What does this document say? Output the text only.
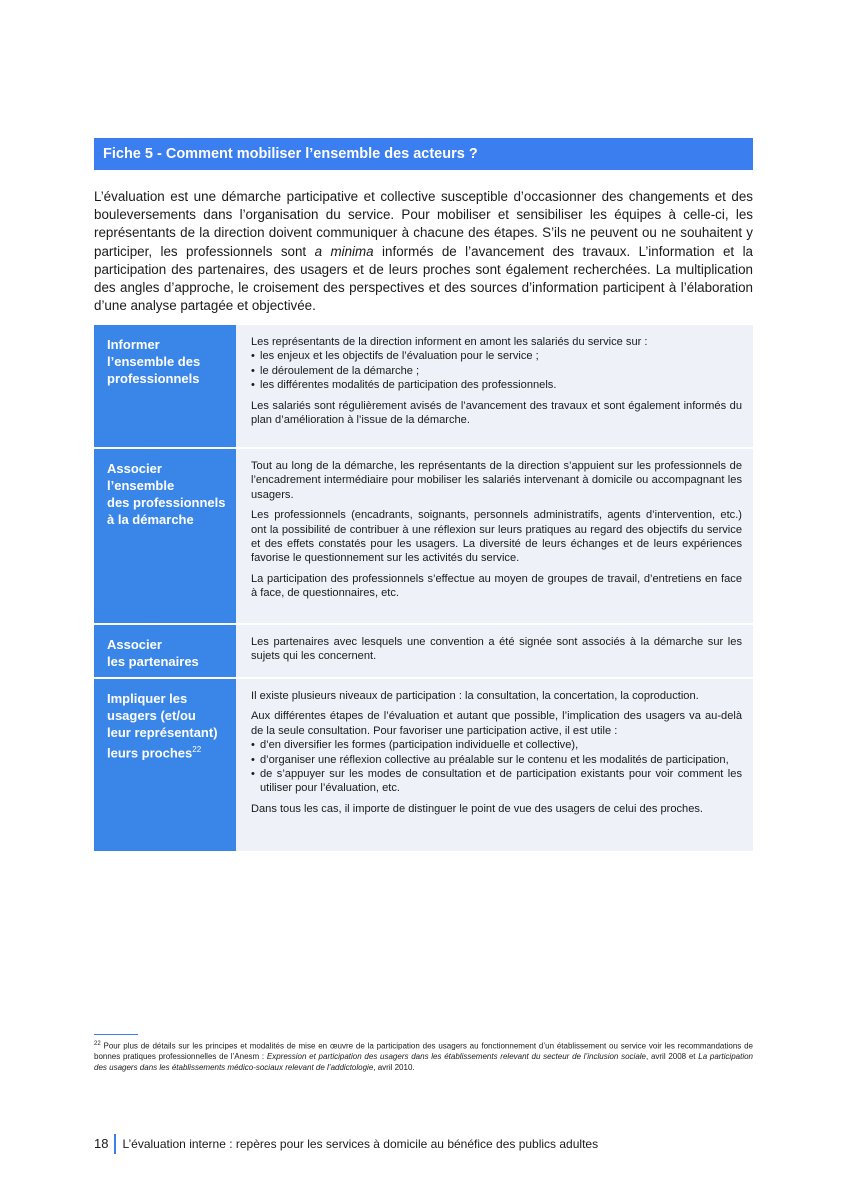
Fiche 5 - Comment mobiliser l’ensemble des acteurs ?

L’évaluation est une démarche participative et collective susceptible d’occasionner des changements et des bouleversements dans l’organisation du service. Pour mobiliser et sensibiliser les équipes à celle-ci, les représentants de la direction doivent communiquer à chacune des étapes. S’ils ne peuvent ou ne souhaitent y participer, les professionnels sont a minima informés de l’avancement des travaux. L’information et la participation des partenaires, des usagers et de leurs proches sont également recherchées. La multiplication des angles d’approche, le croisement des perspectives et des sources d’information participent à l’élaboration d’une analyse partagée et objectivée.

Informer
l’ensemble des
professionnels

Les représentants de la direction informent en amont les salariés du service sur :

• les enjeux et les objectifs de l’évaluation pour le service ;
• le déroulement de la démarche ;
• les différentes modalités de participation des professionnels.

Les salariés sont régulièrement avisés de l’avancement des travaux et sont également informés du plan d’amélioration à l’issue de la démarche.

Associer
l’ensemble
des professionnels
à la démarche

Tout au long de la démarche, les représentants de la direction s’appuient sur les professionnels de l’encadrement intermédiaire pour mobiliser les salariés intervenant à domicile ou accompagnant les usagers.

Les professionnels (encadrants, soignants, personnels administratifs, agents d’intervention, etc.) ont la possibilité de contribuer à une réflexion sur leurs pratiques au regard des objectifs du service et des effets constatés pour les usagers. La diversité de leurs échanges et de leurs expériences favorise le questionnement sur les activités du service.

La participation des professionnels s’effectue au moyen de groupes de travail, d’entretiens en face à face, de questionnaires, etc.

Associer
les partenaires

Les partenaires avec lesquels une convention a été signée sont associés à la démarche sur les sujets qui les concernent.

Impliquer les
usagers (et/ou
leur représentant)
leurs proches$^{22}$

Il existe plusieurs niveaux de participation : la consultation, la concertation, la coproduction.

Aux différentes étapes de l’évaluation et autant que possible, l’implication des usagers va au-delà de la seule consultation. Pour favoriser une participation active, il est utile :

• d’en diversifier les formes (participation individuelle et collective),
• d’organiser une réflexion collective au préalable sur le contenu et les modalités de participation,
• de s’appuyer sur les modes de consultation et de participation existants pour voir comment les utiliser pour l’évaluation, etc.

Dans tous les cas, il importe de distinguer le point de vue des usagers de celui des proches.

$^{22}$ Pour plus de détails sur les principes et modalités de mise en œuvre de la participation des usagers au fonctionnement d’un établissement ou service voir les recommandations de bonnes pratiques professionnelles de l’Anesm : Expression et participation des usagers dans les établissements relevant du secteur de l’inclusion sociale, avril 2008 et La participation des usagers dans les établissements médico-sociaux relevant de l’addictologie, avril 2010.
18	L’évaluation interne : repères pour les services à domicile au bénéfice des publics adultes
